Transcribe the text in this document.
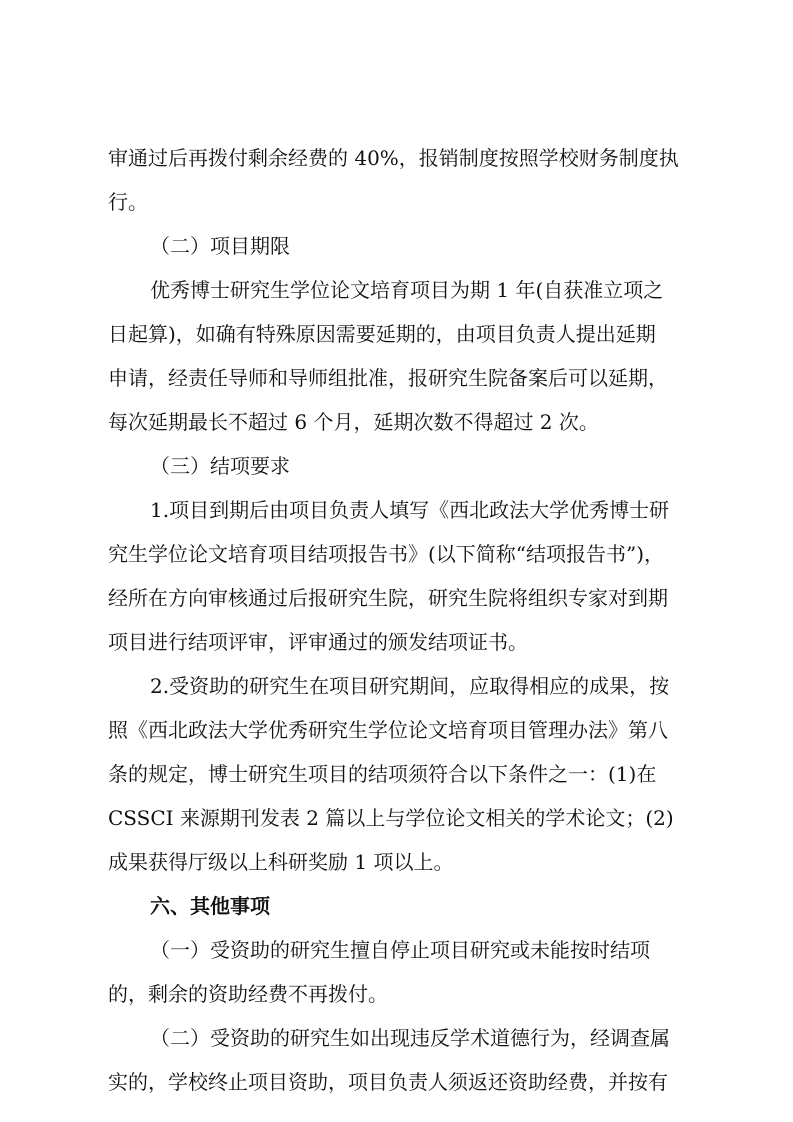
审通过后再拨付剩余经费的 40%，报销制度按照学校财务制度执
行。
（二）项目期限
优秀博士研究生学位论文培育项目为期 1 年(自获准立项之
日起算)，如确有特殊原因需要延期的，由项目负责人提出延期
申请，经责任导师和导师组批准，报研究生院备案后可以延期，
每次延期最长不超过 6 个月，延期次数不得超过 2 次。
（三）结项要求
1.项目到期后由项目负责人填写《西北政法大学优秀博士研
究生学位论文培育项目结项报告书》(以下简称“结项报告书”)，
经所在方向审核通过后报研究生院，研究生院将组织专家对到期
项目进行结项评审，评审通过的颁发结项证书。
2.受资助的研究生在项目研究期间，应取得相应的成果，按
照《西北政法大学优秀研究生学位论文培育项目管理办法》第八
条的规定，博士研究生项目的结项须符合以下条件之一：(1)在
CSSCI 来源期刊发表 2 篇以上与学位论文相关的学术论文；(2)
成果获得厅级以上科研奖励 1 项以上。
六、其他事项
（一）受资助的研究生擅自停止项目研究或未能按时结项
的，剩余的资助经费不再拨付。
（二）受资助的研究生如出现违反学术道德行为，经调查属
实的，学校终止项目资助，项目负责人须返还资助经费，并按有
